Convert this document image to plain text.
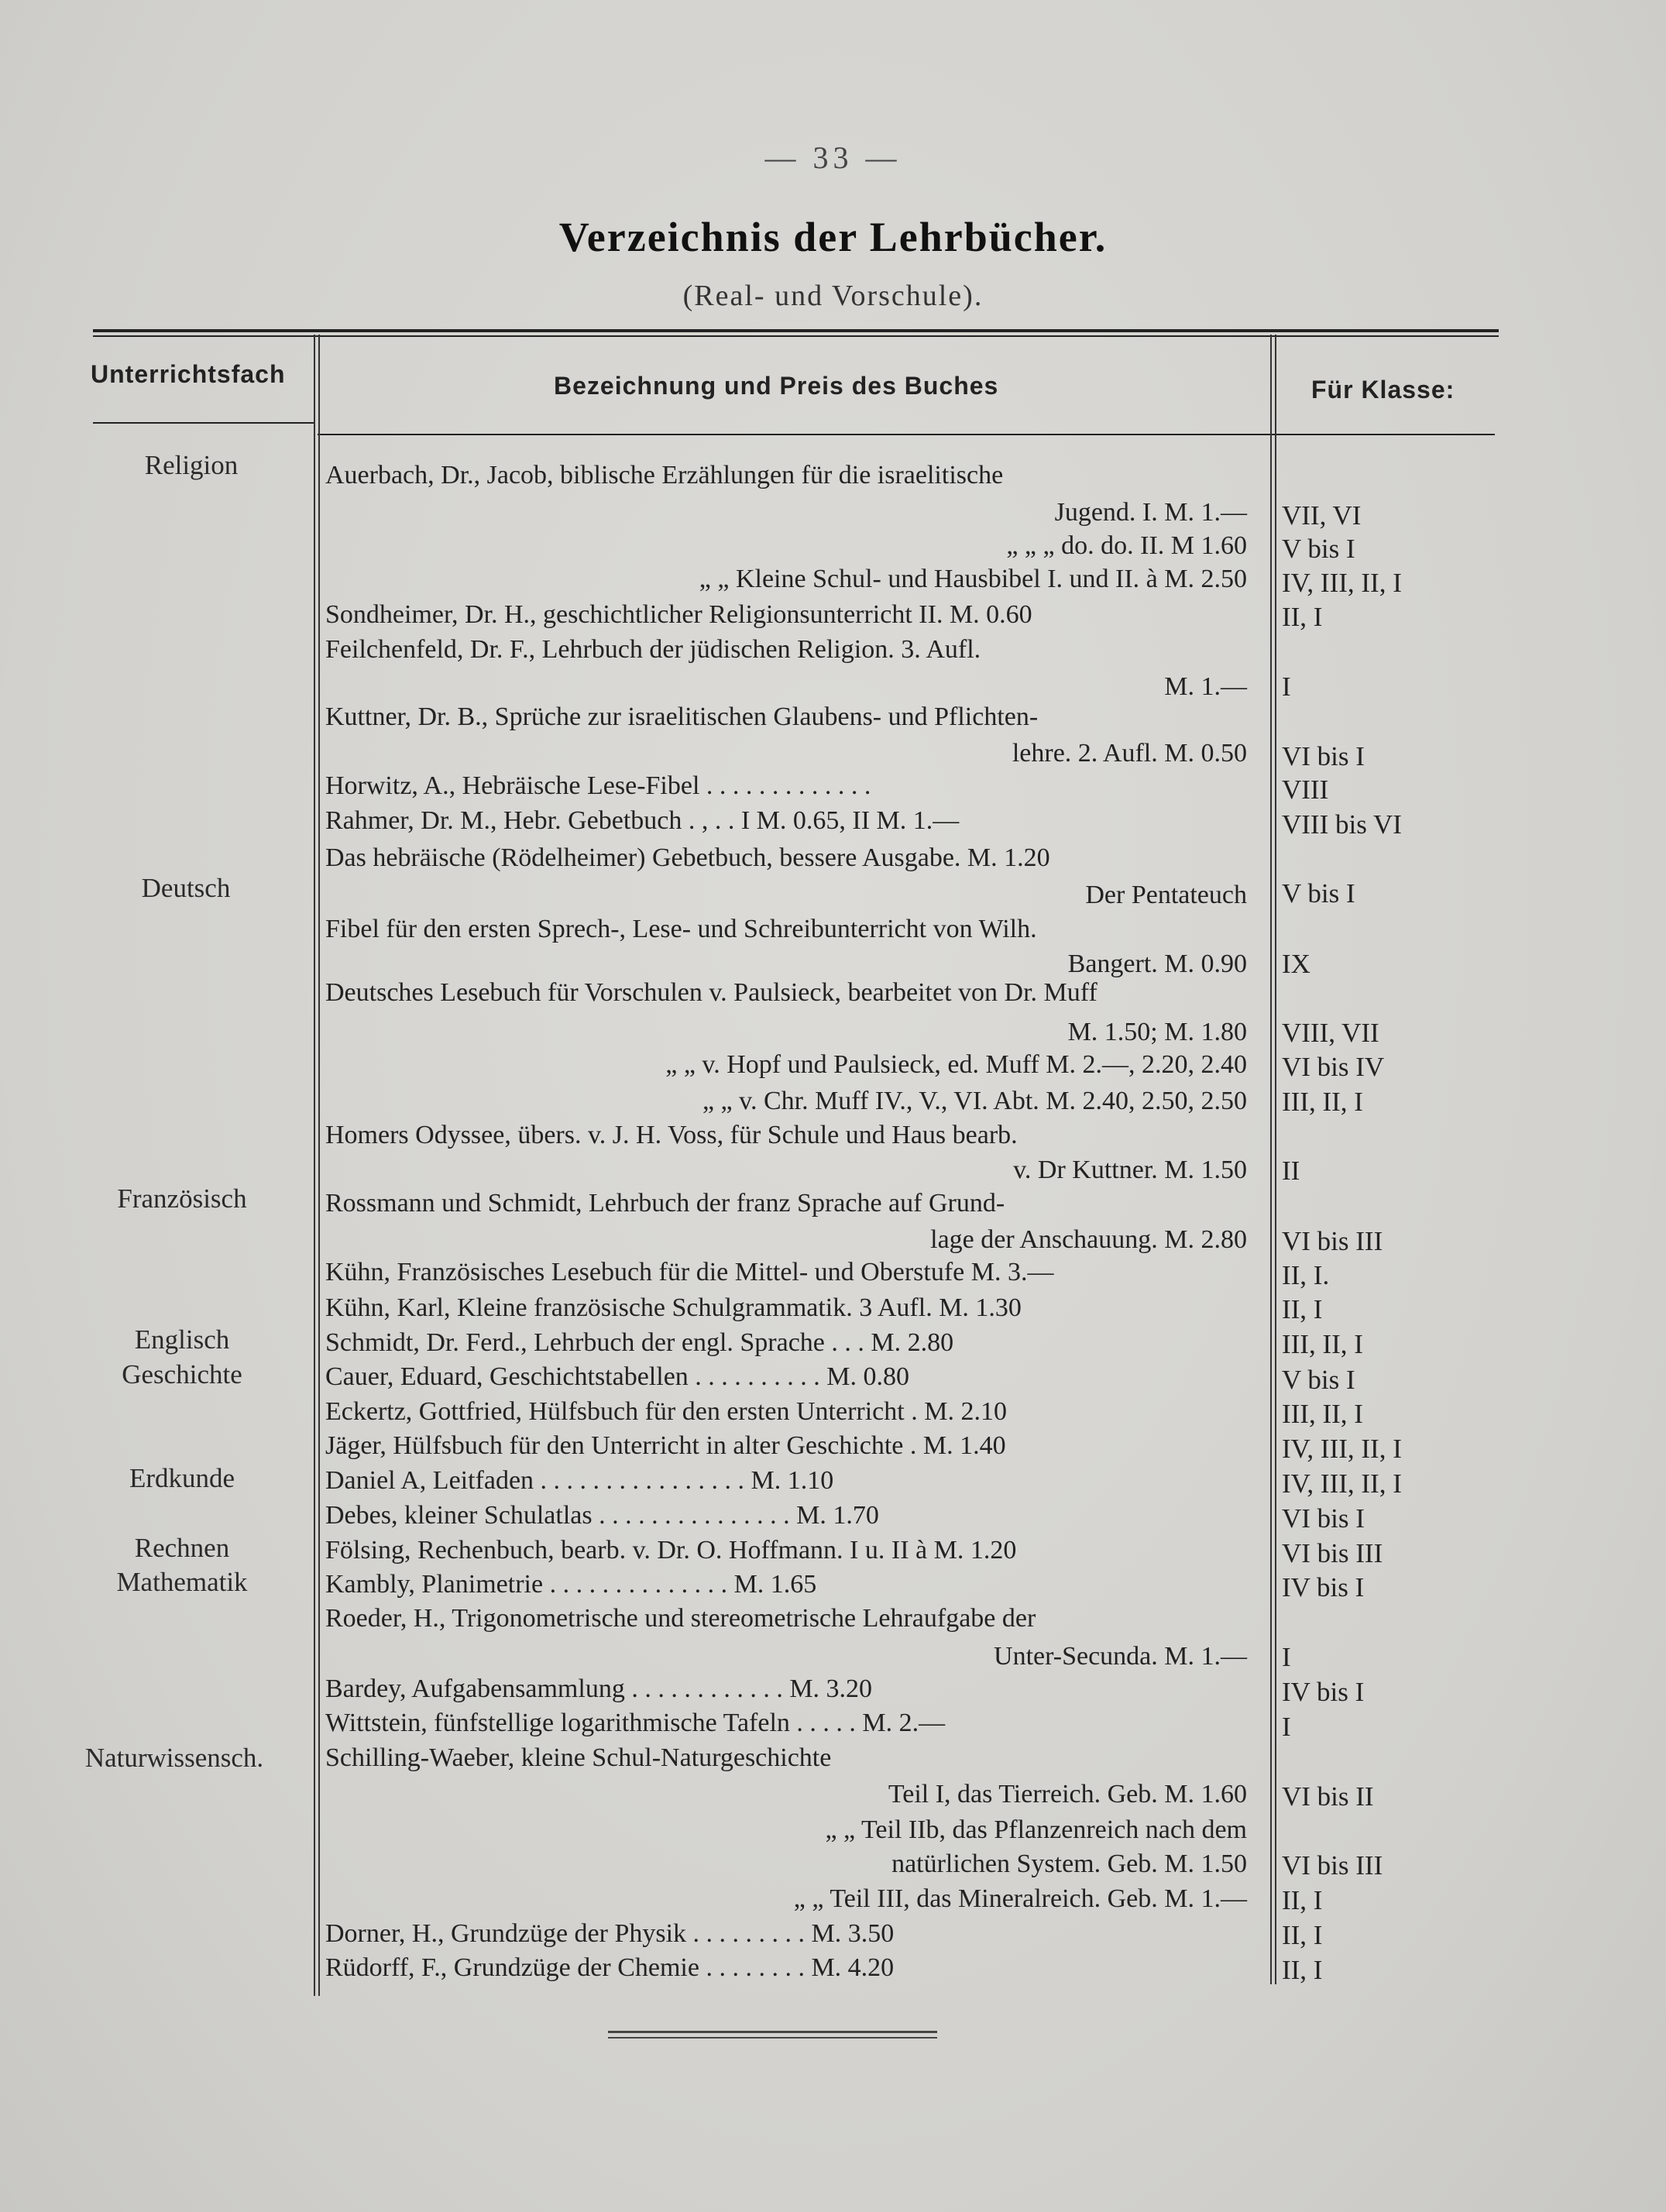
— 33 —
Verzeichnis der Lehrbücher.
(Real- und Vorschule).
Unterrichtsfach	Bezeichnung und Preis des Buches	Für Klasse:
Religion
Deutsch
Französisch
Englisch
Geschichte
Erdkunde
Rechnen
Mathematik
Naturwissensch.
Auerbach, Dr., Jacob, biblische Erzählungen für die israelitische
Jugend. I. M. 1.—
„ „ „ do. do. II. M 1.60
„ „ Kleine Schul- und Hausbibel I. und II. à M. 2.50
Sondheimer, Dr. H., geschichtlicher Religionsunterricht II. M. 0.60
Feilchenfeld, Dr. F., Lehrbuch der jüdischen Religion. 3. Aufl.
M. 1.—
Kuttner, Dr. B., Sprüche zur israelitischen Glaubens- und Pflichten-
lehre. 2. Aufl. M. 0.50
Horwitz, A., Hebräische Lese-Fibel . . . . . . . . . . . . .
Rahmer, Dr. M., Hebr. Gebetbuch . , . . I M. 0.65, II M. 1.—
Das hebräische (Rödelheimer) Gebetbuch, bessere Ausgabe. M. 1.20
Der Pentateuch
Fibel für den ersten Sprech-, Lese- und Schreibunterricht von Wilh.
Bangert. M. 0.90
Deutsches Lesebuch für Vorschulen v. Paulsieck, bearbeitet von Dr. Muff
M. 1.50; M. 1.80
„ „ v. Hopf und Paulsieck, ed. Muff M. 2.—, 2.20, 2.40
„ „ v. Chr. Muff IV., V., VI. Abt. M. 2.40, 2.50, 2.50
Homers Odyssee, übers. v. J. H. Voss, für Schule und Haus bearb.
v. Dr Kuttner. M. 1.50
Rossmann und Schmidt, Lehrbuch der franz Sprache auf Grund-
lage der Anschauung. M. 2.80
Kühn, Französisches Lesebuch für die Mittel- und Oberstufe M. 3.—
Kühn, Karl, Kleine französische Schulgrammatik. 3 Aufl. M. 1.30
Schmidt, Dr. Ferd., Lehrbuch der engl. Sprache . . . M. 2.80
Cauer, Eduard, Geschichtstabellen . . . . . . . . . . M. 0.80
Eckertz, Gottfried, Hülfsbuch für den ersten Unterricht . M. 2.10
Jäger, Hülfsbuch für den Unterricht in alter Geschichte . M. 1.40
Daniel A, Leitfaden . . . . . . . . . . . . . . . . M. 1.10
Debes, kleiner Schulatlas . . . . . . . . . . . . . . . M. 1.70
Fölsing, Rechenbuch, bearb. v. Dr. O. Hoffmann. I u. II à M. 1.20
Kambly, Planimetrie . . . . . . . . . . . . . . M. 1.65
Roeder, H., Trigonometrische und stereometrische Lehraufgabe der
Unter-Secunda. M. 1.—
Bardey, Aufgabensammlung . . . . . . . . . . . . M. 3.20
Wittstein, fünfstellige logarithmische Tafeln . . . . . M. 2.—
Schilling-Waeber, kleine Schul-Naturgeschichte
Teil I, das Tierreich. Geb. M. 1.60
„ „ Teil IIb, das Pflanzenreich nach dem
natürlichen System. Geb. M. 1.50
„ „ Teil III, das Mineralreich. Geb. M. 1.—
Dorner, H., Grundzüge der Physik . . . . . . . . . M. 3.50
Rüdorff, F., Grundzüge der Chemie . . . . . . . . M. 4.20
VII, VI
V bis I
IV, III, II, I
II, I
I
VI bis I
VIII
VIII bis VI
V bis I
IX
VIII, VII
VI bis IV
III, II, I
II
VI bis III
II, I.
II, I
III, II, I
V bis I
III, II, I
IV, III, II, I
IV, III, II, I
VI bis I
VI bis III
IV bis I
I
IV bis I
I
VI bis II
VI bis III
II, I
II, I
II, I
